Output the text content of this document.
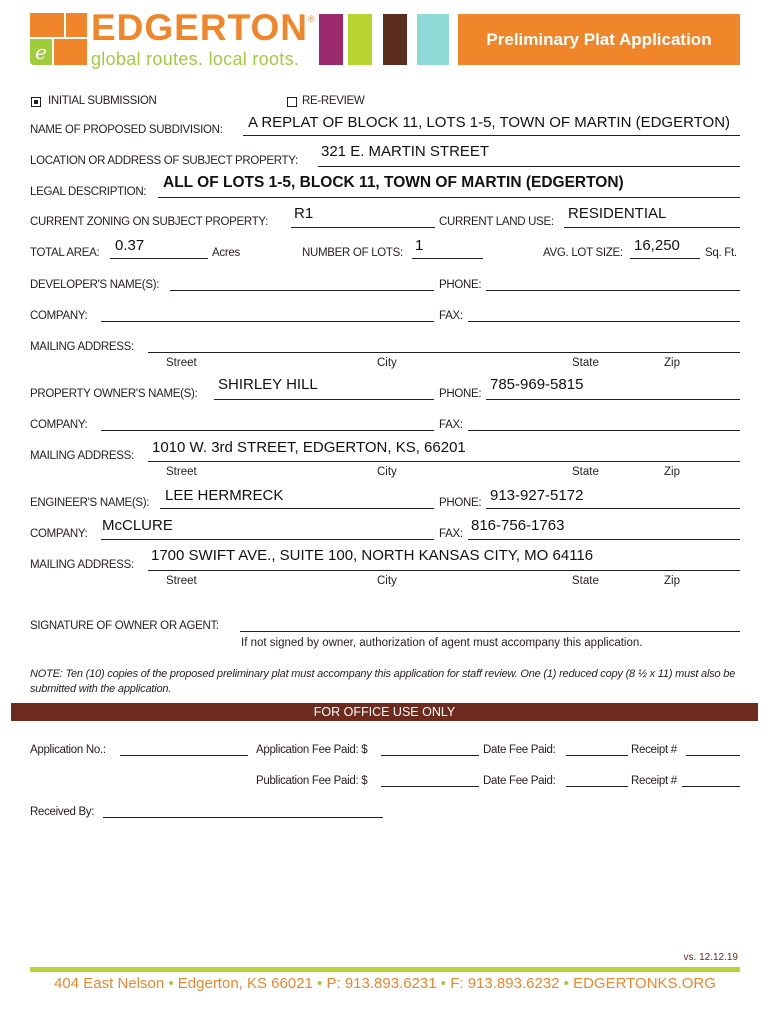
e
EDGERTON ®
global routes. local roots.
Preliminary Plat Application
INITIAL SUBMISSION	RE-REVIEW
NAME OF PROPOSED SUBDIVISION: A REPLAT OF BLOCK 11, LOTS 1-5, TOWN OF MARTIN (EDGERTON)
LOCATION OR ADDRESS OF SUBJECT PROPERTY:
321 E. MARTIN STREET
LEGAL DESCRIPTION:
ALL OF LOTS 1-5, BLOCK 11, TOWN OF MARTIN (EDGERTON)
CURRENT ZONING ON SUBJECT PROPERTY: R1	CURRENT LAND USE: RESIDENTIAL
TOTAL AREA: 0.37	Acres	NUMBER OF LOTS: 1	AVG. LOT SIZE: 16,250 Sq. Ft.
DEVELOPER'S NAME(S):	PHONE:
COMPANY:	FAX:
MAILING ADDRESS:
Street	City	State	Zip
PROPERTY OWNER'S NAME(S):
SHIRLEY HILL
PHONE:
785-969-5815
COMPANY:	FAX:
MAILING ADDRESS: 1010 W. 3rd STREET, EDGERTON, KS, 66201
Street	City	State	Zip
ENGINEER'S NAME(S): LEE HERMRECK	PHONE: 913-927-5172
COMPANY: McCLURE	FAX: 816-756-1763
MAILING ADDRESS:
1700 SWIFT AVE., SUITE 100, NORTH KANSAS CITY, MO 64116
Street	City	State	Zip
SIGNATURE OF OWNER OR AGENT:
If not signed by owner, authorization of agent must accompany this application.
NOTE: Ten (10) copies of the proposed preliminary plat must accompany this application for staff review. One (1) reduced copy (8 ½ x 11) must also be submitted with the application.
FOR OFFICE USE ONLY
Application No.:	Application Fee Paid: $	Date Fee Paid:	Receipt #
Publication Fee Paid: $	Date Fee Paid:	Receipt #
Received By:
vs. 12.12.19
404 East Nelson • Edgerton, KS 66021 • P: 913.893.6231 • F: 913.893.6232 • EDGERTONKS.ORG
